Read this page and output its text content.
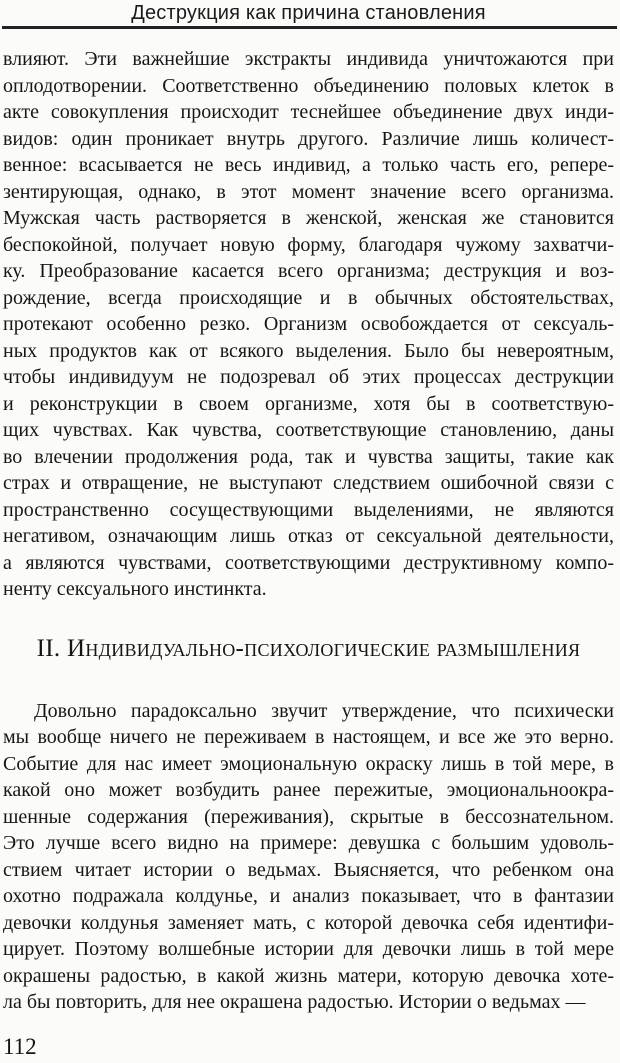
Деструкция как причина становления
влияют. Эти важнейшие экстракты индивида уничтожаются при
оплодотворении. Соответственно объединению половых клеток в
акте совокупления происходит теснейшее объединение двух инди-
видов: один проникает внутрь другого. Различие лишь количест-
венное: всасывается не весь индивид, а только часть его, репере-
зентирующая, однако, в этот момент значение всего организма.
Мужская часть растворяется в женской, женская же становится
беспокойной, получает новую форму, благодаря чужому захватчи-
ку. Преобразование касается всего организма; деструкция и воз-
рождение, всегда происходящие и в обычных обстоятельствах,
протекают особенно резко. Организм освобождается от сексуаль-
ных продуктов как от всякого выделения. Было бы невероятным,
чтобы индивидуум не подозревал об этих процессах деструкции
и реконструкции в своем организме, хотя бы в соответствую-
щих чувствах. Как чувства, соответствующие становлению, даны
во влечении продолжения рода, так и чувства защиты, такие как
страх и отвращение, не выступают следствием ошибочной связи с
пространственно сосуществующими выделениями, не являются
негативом, означающим лишь отказ от сексуальной деятельности,
а являются чувствами, соответствующими деструктивному компо-
ненту сексуального инстинкта.
II. Индивидуально-психологические размышления
Довольно парадоксально звучит утверждение, что психически
мы вообще ничего не переживаем в настоящем, и все же это верно.
Событие для нас имеет эмоциональную окраску лишь в той мере, в
какой оно может возбудить ранее пережитые, эмоциональноокра-
шенные содержания (переживания), скрытые в бессознательном.
Это лучше всего видно на примере: девушка с большим удоволь-
ствием читает истории о ведьмах. Выясняется, что ребенком она
охотно подражала колдунье, и анализ показывает, что в фантазии
девочки колдунья заменяет мать, с которой девочка себя идентифи-
цирует. Поэтому волшебные истории для девочки лишь в той мере
окрашены радостью, в какой жизнь матери, которую девочка хоте-
ла бы повторить, для нее окрашена радостью. Истории о ведьмах —
112
